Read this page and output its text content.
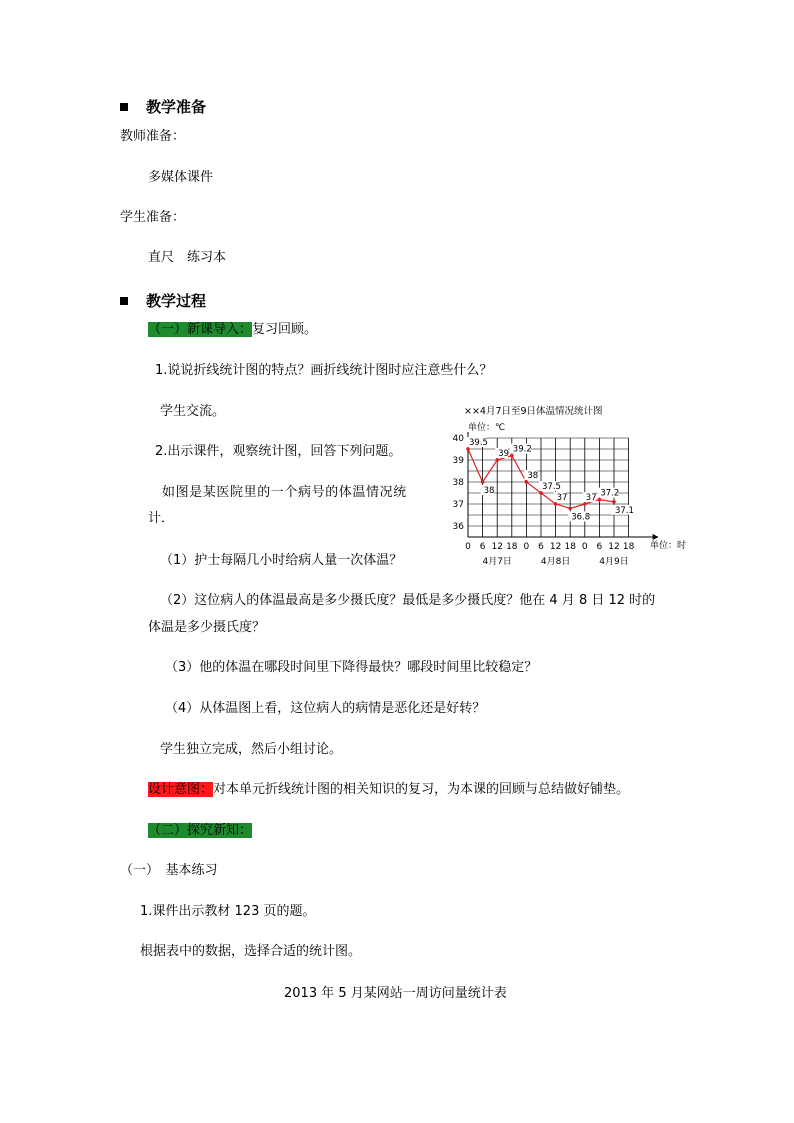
教学准备
教师准备：
多媒体课件
学生准备：
直尺　练习本
教学过程
（一）新课导入：复习回顾。
1.说说折线统计图的特点？画折线统计图时应注意些什么？
学生交流。
2.出示课件，观察统计图，回答下列问题。
如图是某医院里的一个病号的体温情况统
计．
××4月7日至9日体温情况统计图
单位：℃
36
37
38
39
40
0 6 12 18 0 6 12 18 0 6 12 18
4月7日	4月8日	4月9日
39.5
38
39 39.2
38
37.5
37
36.8
37 37.2
37.1
单位：时
（1）护士每隔几小时给病人量一次体温？
（2）这位病人的体温最高是多少摄氏度？最低是多少摄氏度？他在 4 月 8 日 12 时的
体温是多少摄氏度？
（3）他的体温在哪段时间里下降得最快？哪段时间里比较稳定？
（4）从体温图上看，这位病人的病情是恶化还是好转？
学生独立完成，然后小组讨论。
设计意图：对本单元折线统计图的相关知识的复习，为本课的回顾与总结做好铺垫。
（二）探究新知：
（一）　基本练习
1.课件出示教材 123 页的题。
根据表中的数据，选择合适的统计图。
2013 年 5 月某网站一周访问量统计表
